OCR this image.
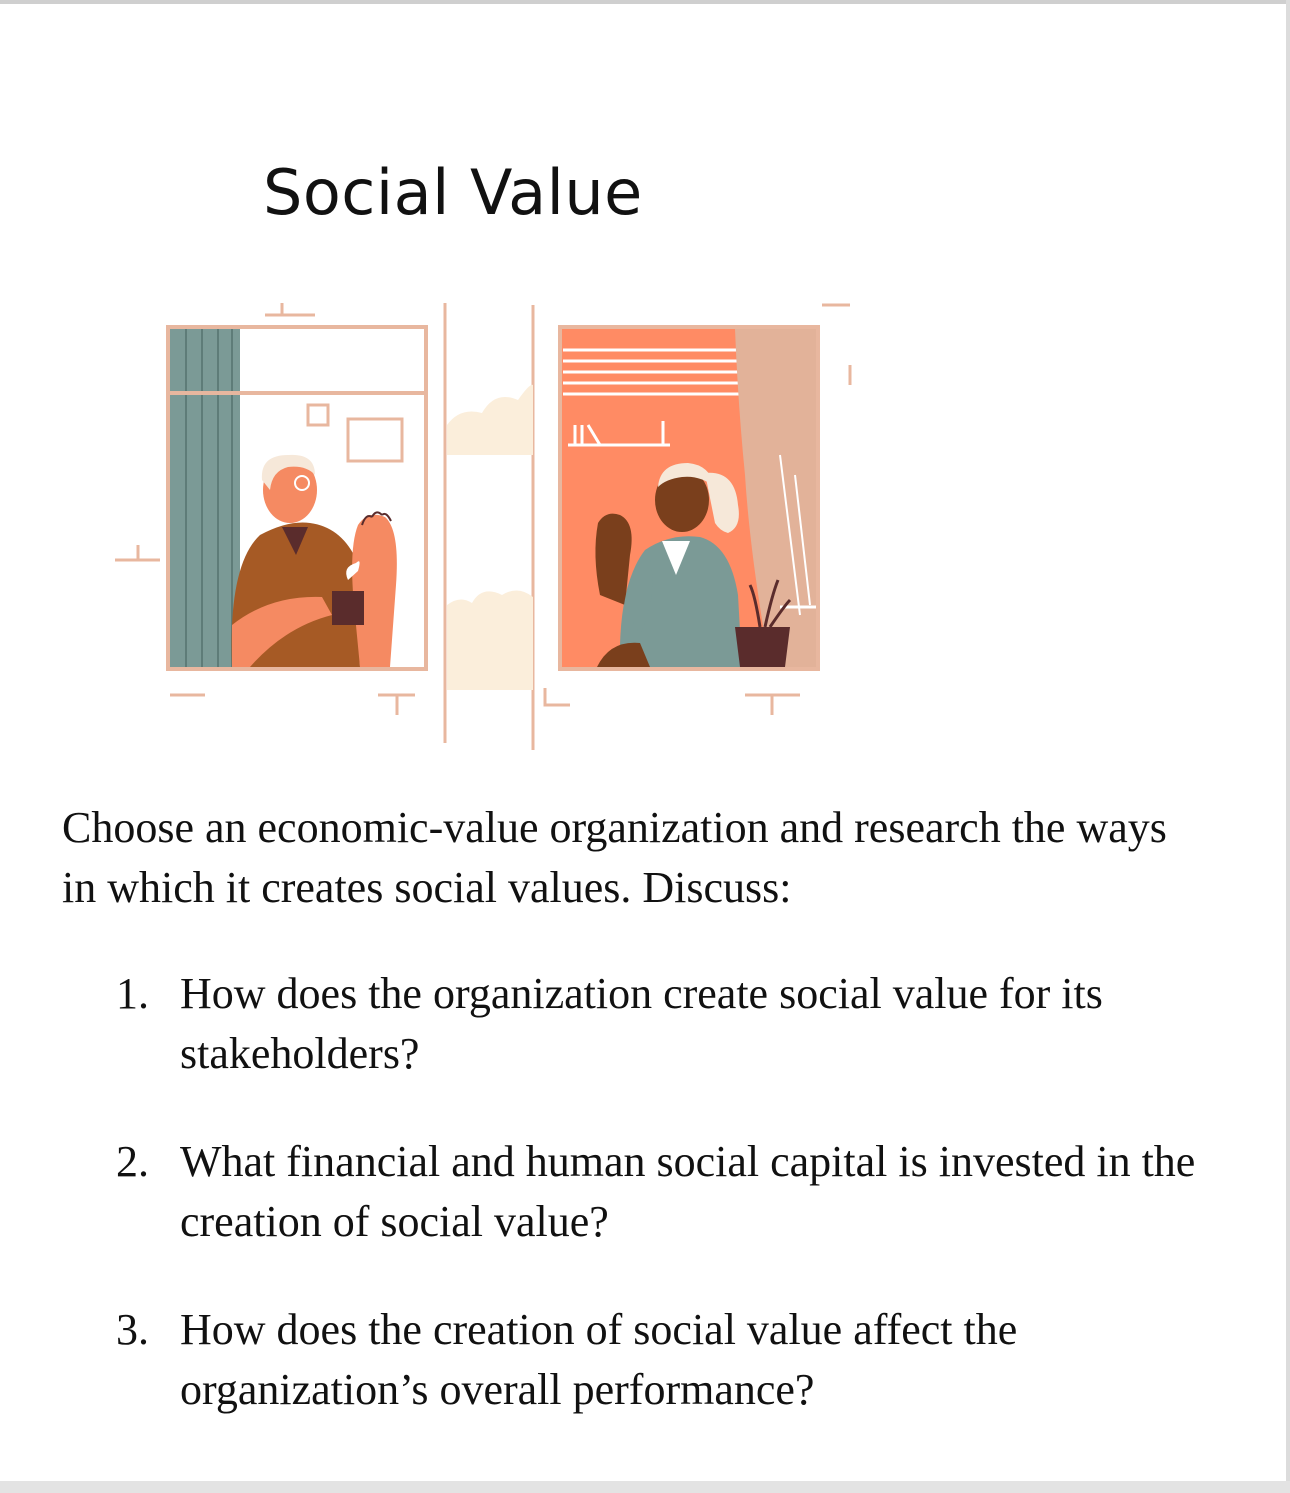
Social Value

Choose an economic-value organization and research the ways in which it creates social values. Discuss:

1. How does the organization create social value for its stakeholders?
2. What financial and human social capital is invested in the creation of social value?
3. How does the creation of social value affect the organization’s overall performance?
